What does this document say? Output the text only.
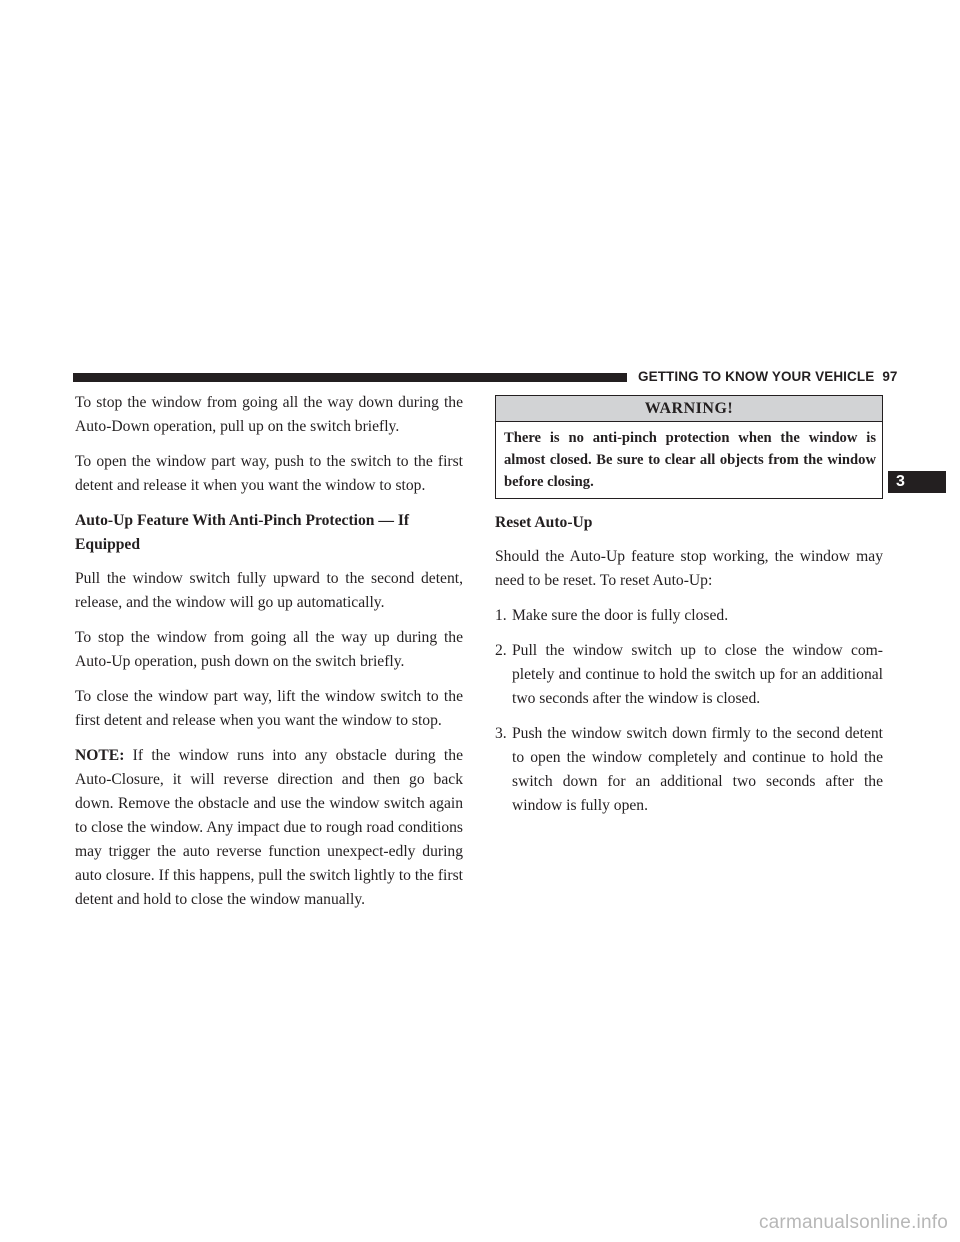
GETTING TO KNOW YOUR VEHICLE 97

To stop the window from going all the way down during the Auto-Down operation, pull up on the switch briefly.

To open the window part way, push to the switch to the first detent and release it when you want the window to stop.

Auto-Up Feature With Anti-Pinch Protection — If Equipped

Pull the window switch fully upward to the second detent, release, and the window will go up automatically.

To stop the window from going all the way up during the Auto-Up operation, push down on the switch briefly.

To close the window part way, lift the window switch to the first detent and release when you want the window to stop.

NOTE: If the window runs into any obstacle during the Auto-Closure, it will reverse direction and then go back down. Remove the obstacle and use the window switch again to close the window. Any impact due to rough road conditions may trigger the auto reverse function unexpect-edly during auto closure. If this happens, pull the switch lightly to the first detent and hold to close the window manually.

WARNING!
There is no anti-pinch protection when the window is almost closed. Be sure to clear all objects from the window before closing.
Reset Auto-Up

Should the Auto-Up feature stop working, the window may need to be reset. To reset Auto-Up:

1. Make sure the door is fully closed.
2. Pull the window switch up to close the window com-pletely and continue to hold the switch up for an additional two seconds after the window is closed.
3. Push the window switch down firmly to the second detent to open the window completely and continue to hold the switch down for an additional two seconds after the window is fully open.
3
carmanualsonline.info
